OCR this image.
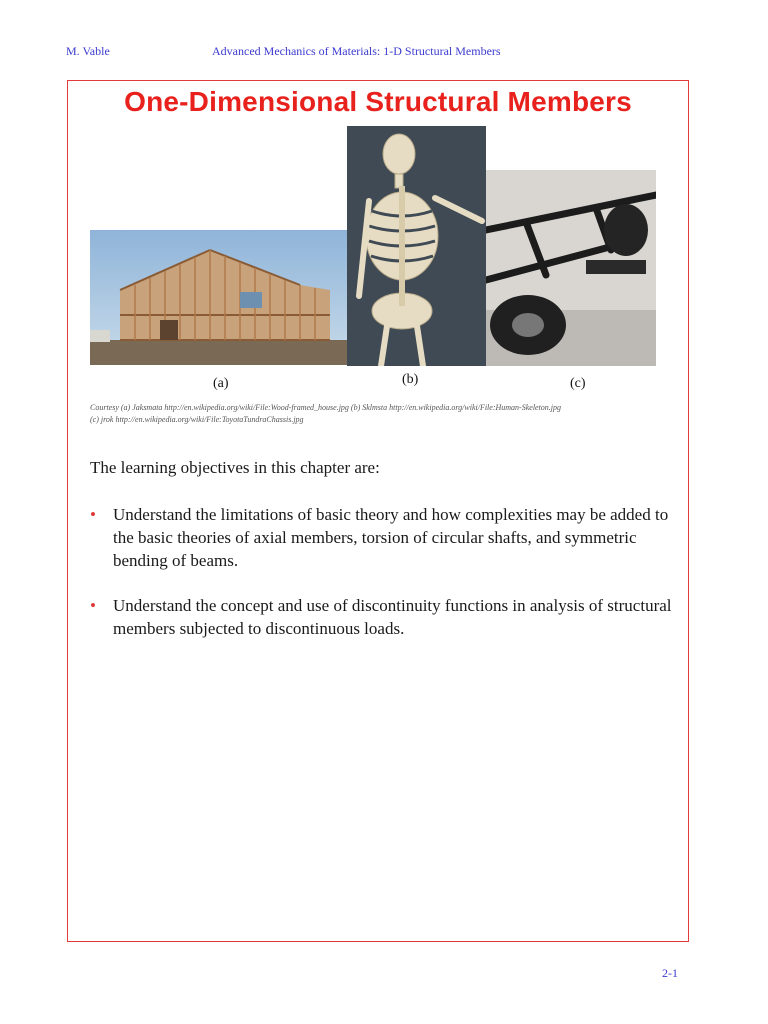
M. Vable	Advanced Mechanics of Materials: 1-D Structural Members
One-Dimensional Structural Members
(a)	(b)	(c)
Courtesy (a) Jaksmata http://en.wikipedia.org/wiki/File:Wood-framed_house.jpg (b) Sklmsta http://en.wikipedia.org/wiki/File:Human-Skeleton.jpg
(c) jrok http://en.wikipedia.org/wiki/File:ToyotaTundraChassis.jpg
The learning objectives in this chapter are:
• Understand the limitations of basic theory and how complexities may be added to the basic theories of axial members, torsion of circular shafts, and symmetric bending of beams.
• Understand the concept and use of discontinuity functions in analysis of structural members subjected to discontinuous loads.
2-1
